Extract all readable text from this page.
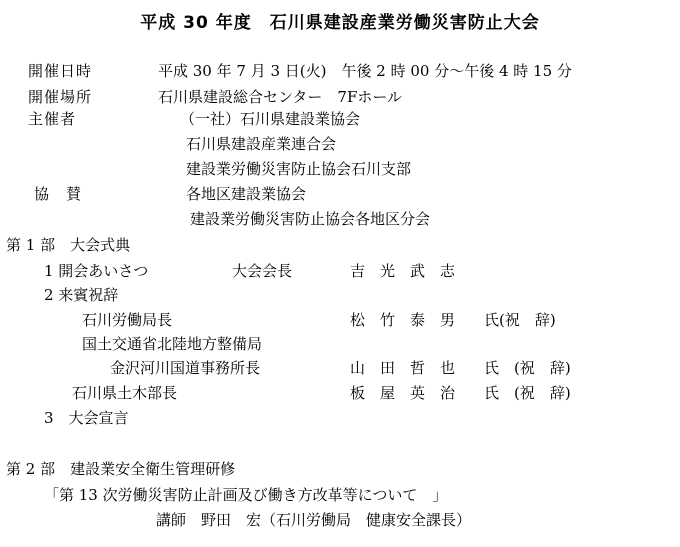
平成 30 年度　石川県建設産業労働災害防止大会
開催日時	平成 30 年 7 月 3 日(火)　午後 2 時 00 分～午後 4 時 15 分
開催場所	石川県建設総合センター　7Fホール
主催者	（一社）石川県建設業協会
石川県建設産業連合会
建設業労働災害防止協会石川支部
協　賛	各地区建設業協会
建設業労働災害防止協会各地区分会
第 1 部　大会式典
1 開会あいさつ	大会会長	吉　光　武　志
2 来賓祝辞
石川労働局長	松　竹　泰　男 氏(祝　辞)
国土交通省北陸地方整備局
金沢河川国道事務所長	山　田　哲　也 氏　(祝　辞)
石川県土木部長	板　屋　英　治 氏　(祝　辞)
3　大会宣言
第 2 部　建設業安全衛生管理研修
「第 13 次労働災害防止計画及び働き方改革等について　」
講師　野田　宏（石川労働局　健康安全課長）
